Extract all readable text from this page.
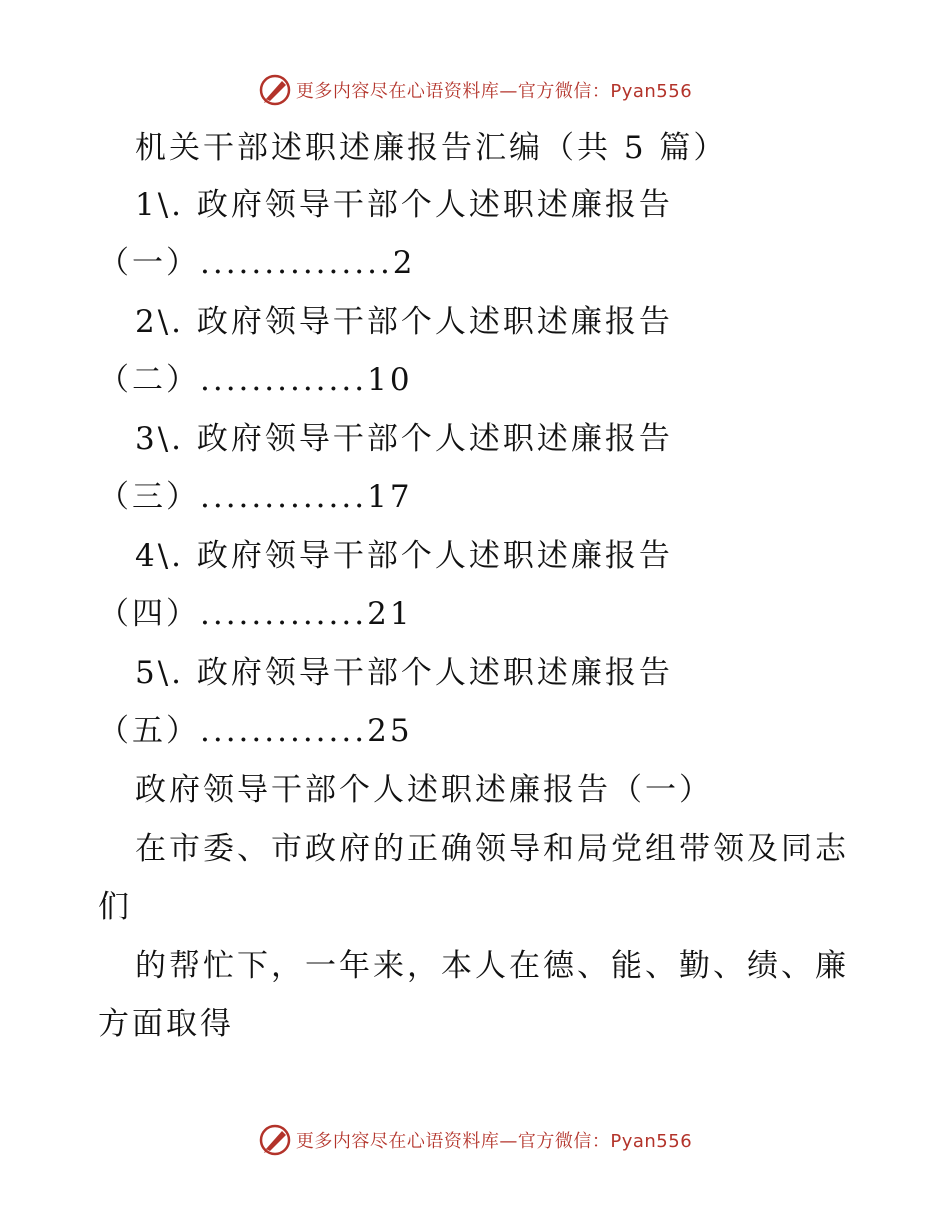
更多内容尽在心语资料库—官方微信：Pyan556
机关干部述职述廉报告汇编（共 5 篇）
1\. 政府领导干部个人述职述廉报告
（一）...............2
2\. 政府领导干部个人述职述廉报告
（二）.............10
3\. 政府领导干部个人述职述廉报告
（三）.............17
4\. 政府领导干部个人述职述廉报告
（四）.............21
5\. 政府领导干部个人述职述廉报告
（五）.............25
政府领导干部个人述职述廉报告（一）
在市委、市政府的正确领导和局党组带领及同志
们
的帮忙下，一年来，本人在德、能、勤、绩、廉
方面取得
更多内容尽在心语资料库—官方微信：Pyan556
